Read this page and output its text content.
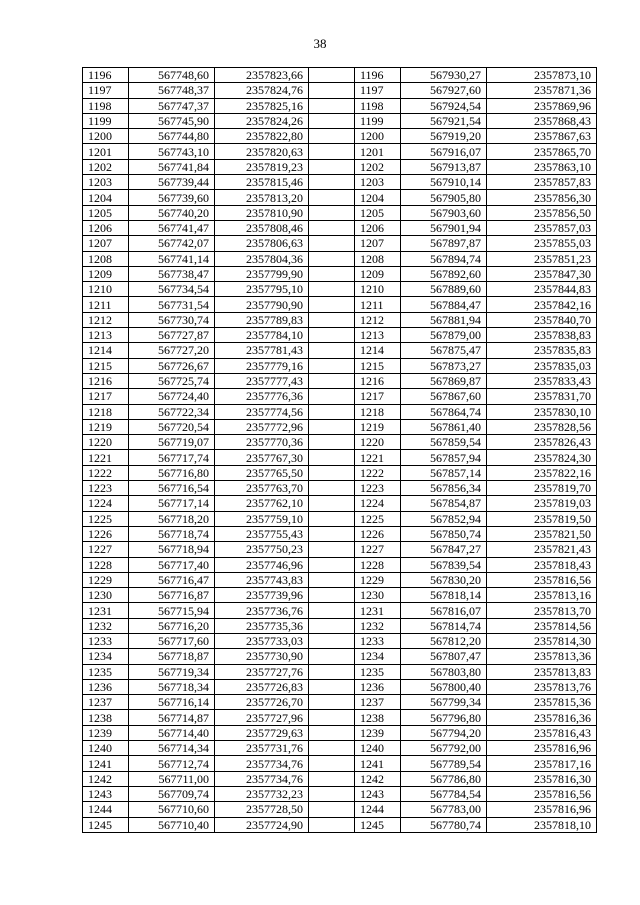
38
1196	567748,60	2357823,66		1196	567930,27	2357873,10
1197	567748,37	2357824,76		1197	567927,60	2357871,36
1198	567747,37	2357825,16		1198	567924,54	2357869,96
1199	567745,90	2357824,26		1199	567921,54	2357868,43
1200	567744,80	2357822,80		1200	567919,20	2357867,63
1201	567743,10	2357820,63		1201	567916,07	2357865,70
1202	567741,84	2357819,23		1202	567913,87	2357863,10
1203	567739,44	2357815,46		1203	567910,14	2357857,83
1204	567739,60	2357813,20		1204	567905,80	2357856,30
1205	567740,20	2357810,90		1205	567903,60	2357856,50
1206	567741,47	2357808,46		1206	567901,94	2357857,03
1207	567742,07	2357806,63		1207	567897,87	2357855,03
1208	567741,14	2357804,36		1208	567894,74	2357851,23
1209	567738,47	2357799,90		1209	567892,60	2357847,30
1210	567734,54	2357795,10		1210	567889,60	2357844,83
1211	567731,54	2357790,90		1211	567884,47	2357842,16
1212	567730,74	2357789,83		1212	567881,94	2357840,70
1213	567727,87	2357784,10		1213	567879,00	2357838,83
1214	567727,20	2357781,43		1214	567875,47	2357835,83
1215	567726,67	2357779,16		1215	567873,27	2357835,03
1216	567725,74	2357777,43		1216	567869,87	2357833,43
1217	567724,40	2357776,36		1217	567867,60	2357831,70
1218	567722,34	2357774,56		1218	567864,74	2357830,10
1219	567720,54	2357772,96		1219	567861,40	2357828,56
1220	567719,07	2357770,36		1220	567859,54	2357826,43
1221	567717,74	2357767,30		1221	567857,94	2357824,30
1222	567716,80	2357765,50		1222	567857,14	2357822,16
1223	567716,54	2357763,70		1223	567856,34	2357819,70
1224	567717,14	2357762,10		1224	567854,87	2357819,03
1225	567718,20	2357759,10		1225	567852,94	2357819,50
1226	567718,74	2357755,43		1226	567850,74	2357821,50
1227	567718,94	2357750,23		1227	567847,27	2357821,43
1228	567717,40	2357746,96		1228	567839,54	2357818,43
1229	567716,47	2357743,83		1229	567830,20	2357816,56
1230	567716,87	2357739,96		1230	567818,14	2357813,16
1231	567715,94	2357736,76		1231	567816,07	2357813,70
1232	567716,20	2357735,36		1232	567814,74	2357814,56
1233	567717,60	2357733,03		1233	567812,20	2357814,30
1234	567718,87	2357730,90		1234	567807,47	2357813,36
1235	567719,34	2357727,76		1235	567803,80	2357813,83
1236	567718,34	2357726,83		1236	567800,40	2357813,76
1237	567716,14	2357726,70		1237	567799,34	2357815,36
1238	567714,87	2357727,96		1238	567796,80	2357816,36
1239	567714,40	2357729,63		1239	567794,20	2357816,43
1240	567714,34	2357731,76		1240	567792,00	2357816,96
1241	567712,74	2357734,76		1241	567789,54	2357817,16
1242	567711,00	2357734,76		1242	567786,80	2357816,30
1243	567709,74	2357732,23		1243	567784,54	2357816,56
1244	567710,60	2357728,50		1244	567783,00	2357816,96
1245	567710,40	2357724,90		1245	567780,74	2357818,10
